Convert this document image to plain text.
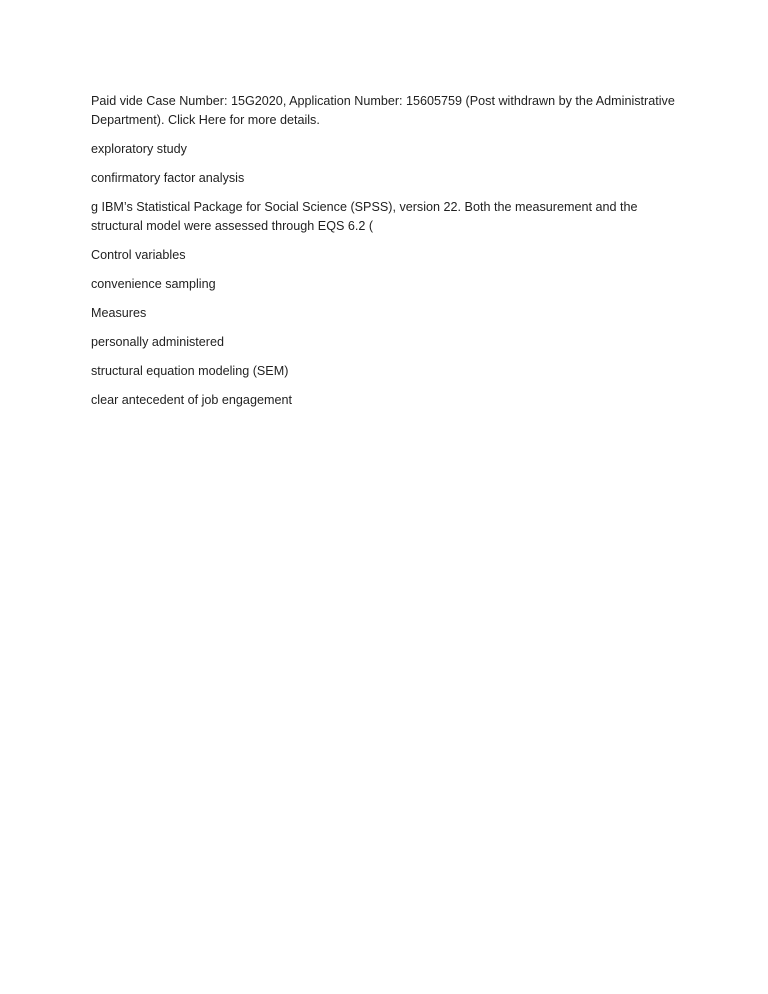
Paid vide Case Number: 15G2020, Application Number: 15605759 (Post withdrawn by the Administrative Department). Click Here for more details.

exploratory study

confirmatory factor analysis

g IBM’s Statistical Package for Social Science (SPSS), version 22. Both the measurement and the structural model were assessed through EQS 6.2 (

Control variables

convenience sampling

Measures

personally administered

structural equation modeling (SEM)

clear antecedent of job engagement
